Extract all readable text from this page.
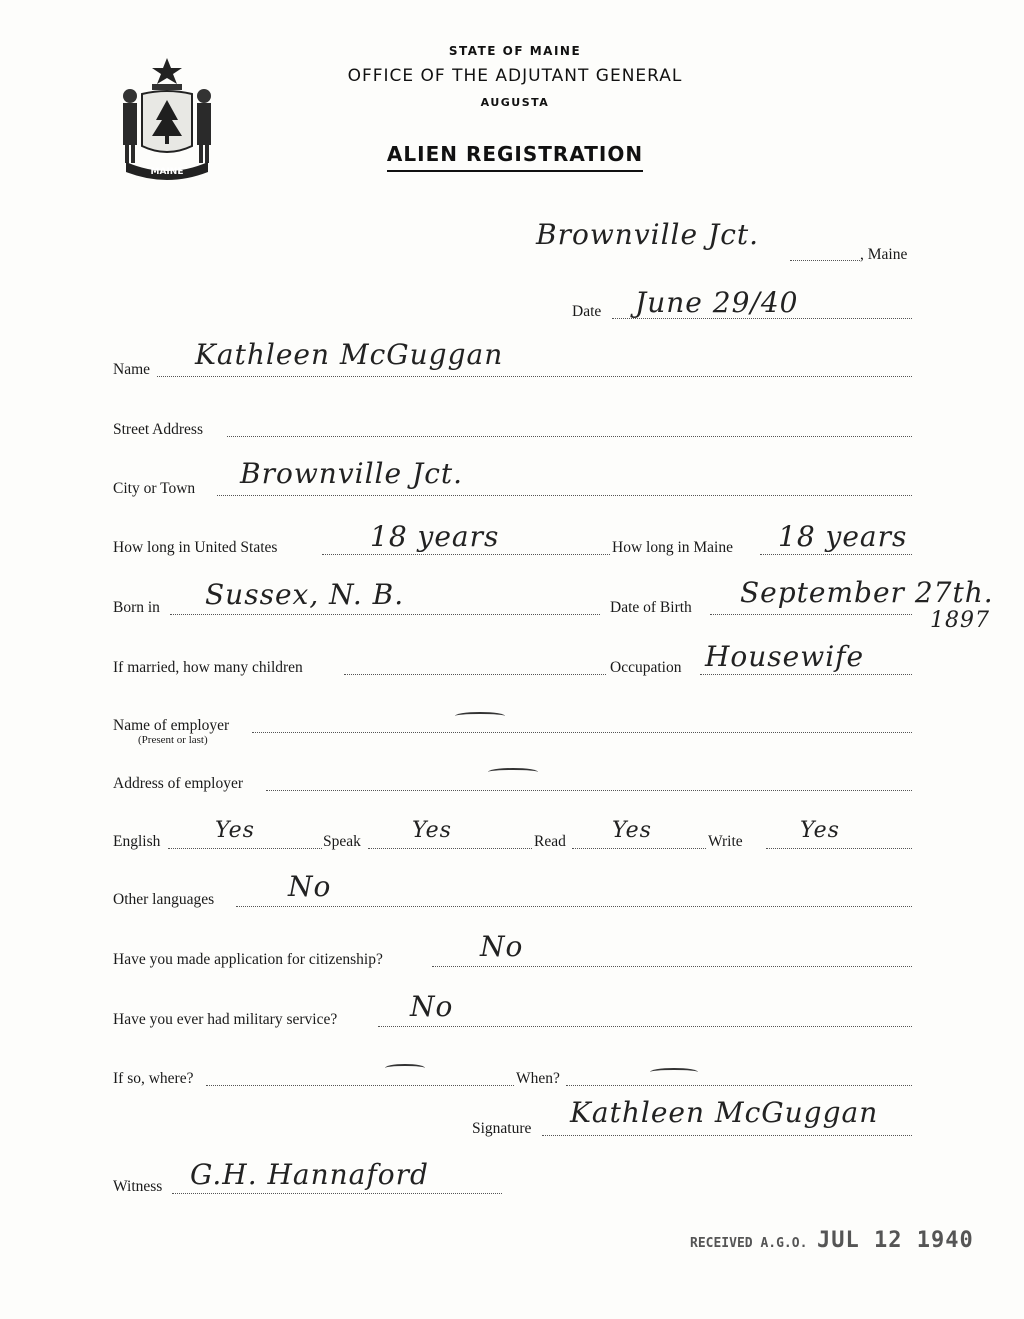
MAINE
STATE OF MAINE
OFFICE OF THE ADJUTANT GENERAL
AUGUSTA
ALIEN REGISTRATION
Brownville Jct.
, Maine
Date June 29/40
Name Kathleen McGuggan
Street Address
City or Town Brownville Jct.
How long in United States	18 years	How long in Maine 18 years
Born in Sussex, N. B.	Date of Birth September 27th.
1897
If married, how many children	Occupation Housewife
Name of employer
(Present or last)
Address of employer
English Yes	Speak Yes	Read Yes	Write	Yes
Other languages	No
Have you made application for citizenship?	No
Have you ever had military service?	No
If so, where?	When?
Signature Kathleen McGuggan
Witness G.H. Hannaford
RECEIVED A.G.O. JUL 12 1940
